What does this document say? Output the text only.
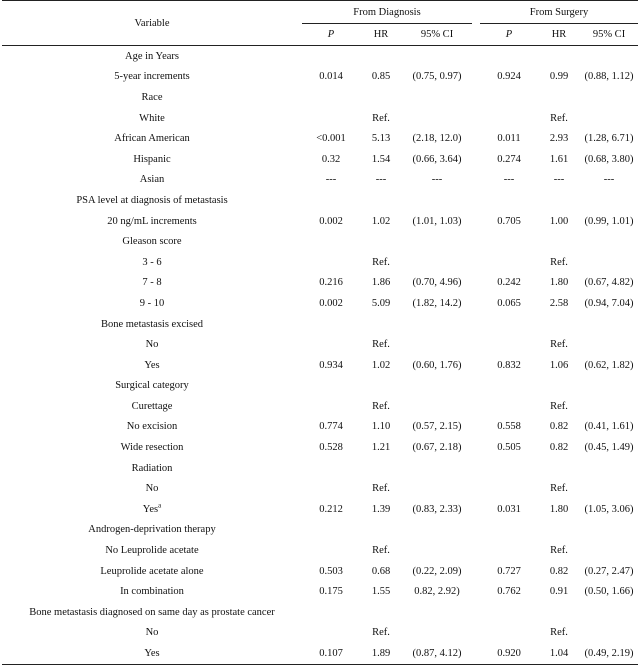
Variable	From Diagnosis				From Surgery		
	P	HR	95% CI		P	HR	95% CI
Age in Years							
5-year increments	0.014	0.85	(0.75, 0.97)		0.924	0.99	(0.88, 1.12)
Race							
White		Ref.				Ref.	
African American	<0.001	5.13	(2.18, 12.0)		0.011	2.93	(1.28, 6.71)
Hispanic	0.32	1.54	(0.66, 3.64)		0.274	1.61	(0.68, 3.80)
Asian	---	---	---		---	---	---
PSA level at diagnosis of metastasis							
20 ng/mL increments	0.002	1.02	(1.01, 1.03)		0.705	1.00	(0.99, 1.01)
Gleason score							
3 - 6		Ref.				Ref.	
7 - 8	0.216	1.86	(0.70, 4.96)		0.242	1.80	(0.67, 4.82)
9 - 10	0.002	5.09	(1.82, 14.2)		0.065	2.58	(0.94, 7.04)
Bone metastasis excised							
No		Ref.				Ref.	
Yes	0.934	1.02	(0.60, 1.76)		0.832	1.06	(0.62, 1.82)
Surgical category							
Curettage		Ref.				Ref.	
No excision	0.774	1.10	(0.57, 2.15)		0.558	0.82	(0.41, 1.61)
Wide resection	0.528	1.21	(0.67, 2.18)		0.505	0.82	(0.45, 1.49)
Radiation							
No		Ref.				Ref.	
Yes$^a$	0.212	1.39	(0.83, 2.33)		0.031	1.80	(1.05, 3.06)
Androgen-deprivation therapy							
No Leuprolide acetate		Ref.				Ref.	
Leuprolide acetate alone	0.503	0.68	(0.22, 2.09)		0.727	0.82	(0.27, 2.47)
In combination	0.175	1.55	0.82, 2.92)		0.762	0.91	(0.50, 1.66)
Bone metastasis diagnosed on same day as prostate cancer							
No		Ref.				Ref.	
Yes	0.107	1.89	(0.87, 4.12)		0.920	1.04	(0.49, 2.19)
